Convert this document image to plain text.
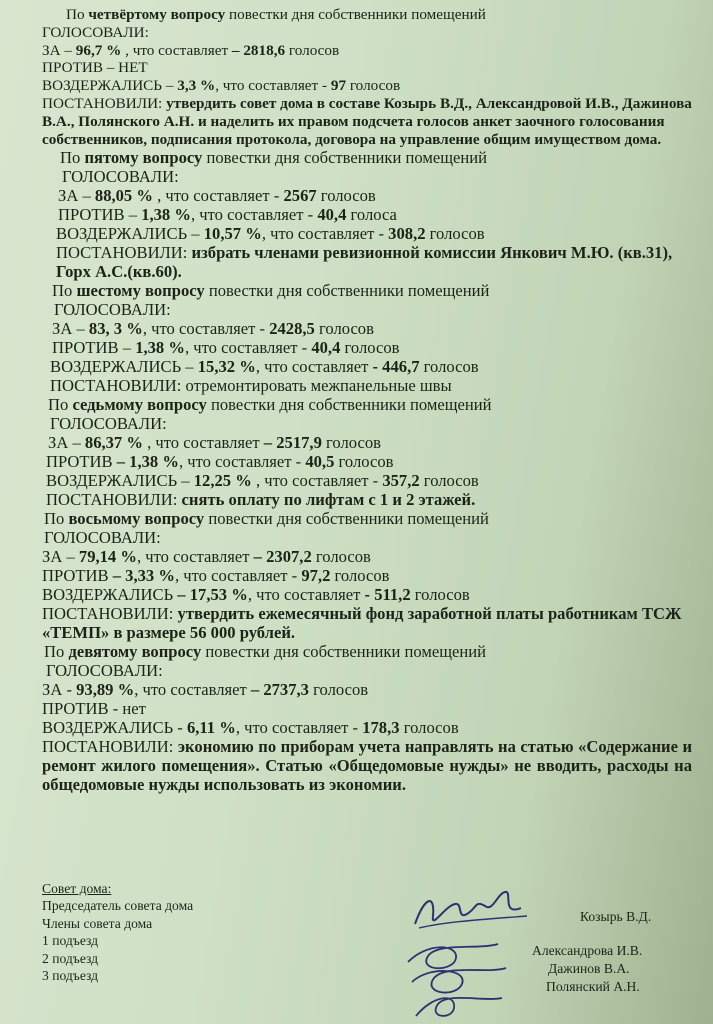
По четвёртому вопросу повестки дня собственники помещений
ГОЛОСОВАЛИ:
ЗА – 96,7 % , что составляет – 2818,6 голосов
ПРОТИВ – НЕТ
ВОЗДЕРЖАЛИСЬ – 3,3 %, что составляет - 97 голосов
ПОСТАНОВИЛИ: утвердить совет дома в составе Козырь В.Д., Александровой И.В., Дажинова В.А., Полянского А.Н. и наделить их правом подсчета голосов анкет заочного голосования собственников, подписания протокола, договора на управление общим имуществом дома.
По пятому вопросу повестки дня собственники помещений
ГОЛОСОВАЛИ:
ЗА – 88,05 % , что составляет - 2567 голосов
ПРОТИВ – 1,38 %, что составляет - 40,4 голоса
ВОЗДЕРЖАЛИСЬ – 10,57 %, что составляет - 308,2 голосов
ПОСТАНОВИЛИ: избрать членами ревизионной комиссии Янкович М.Ю. (кв.31), Горх А.С.(кв.60).
По шестому вопросу повестки дня собственники помещений
ГОЛОСОВАЛИ:
ЗА – 83, 3 %, что составляет - 2428,5 голосов
ПРОТИВ – 1,38 %, что составляет - 40,4 голосов
ВОЗДЕРЖАЛИСЬ – 15,32 %, что составляет - 446,7 голосов
ПОСТАНОВИЛИ: отремонтировать межпанельные швы
По седьмому вопросу повестки дня собственники помещений
ГОЛОСОВАЛИ:
ЗА – 86,37 % , что составляет – 2517,9 голосов
ПРОТИВ – 1,38 %, что составляет - 40,5 голосов
ВОЗДЕРЖАЛИСЬ – 12,25 % , что составляет - 357,2 голосов
ПОСТАНОВИЛИ: снять оплату по лифтам с 1 и 2 этажей.
По восьмому вопросу повестки дня собственники помещений
ГОЛОСОВАЛИ:
ЗА – 79,14 %, что составляет – 2307,2 голосов
ПРОТИВ – 3,33 %, что составляет - 97,2 голосов
ВОЗДЕРЖАЛИСЬ – 17,53 %, что составляет - 511,2 голосов
ПОСТАНОВИЛИ: утвердить ежемесячный фонд заработной платы работникам ТСЖ «ТЕМП» в размере 56 000 рублей.
По девятому вопросу повестки дня собственники помещений
ГОЛОСОВАЛИ:
ЗА - 93,89 %, что составляет – 2737,3 голосов
ПРОТИВ - нет
ВОЗДЕРЖАЛИСЬ - 6,11 %, что составляет - 178,3 голосов
ПОСТАНОВИЛИ: экономию по приборам учета направлять на статью «Содержание и ремонт жилого помещения». Статью «Общедомовые нужды» не вводить, расходы на общедомовые нужды использовать из экономии.
Совет дома:
Председатель совета дома
Члены совета дома
1 подъезд
2 подъезд
3 подъезд
Козырь В.Д.
Александрова И.В.
Дажинов В.А.
Полянский А.Н.
